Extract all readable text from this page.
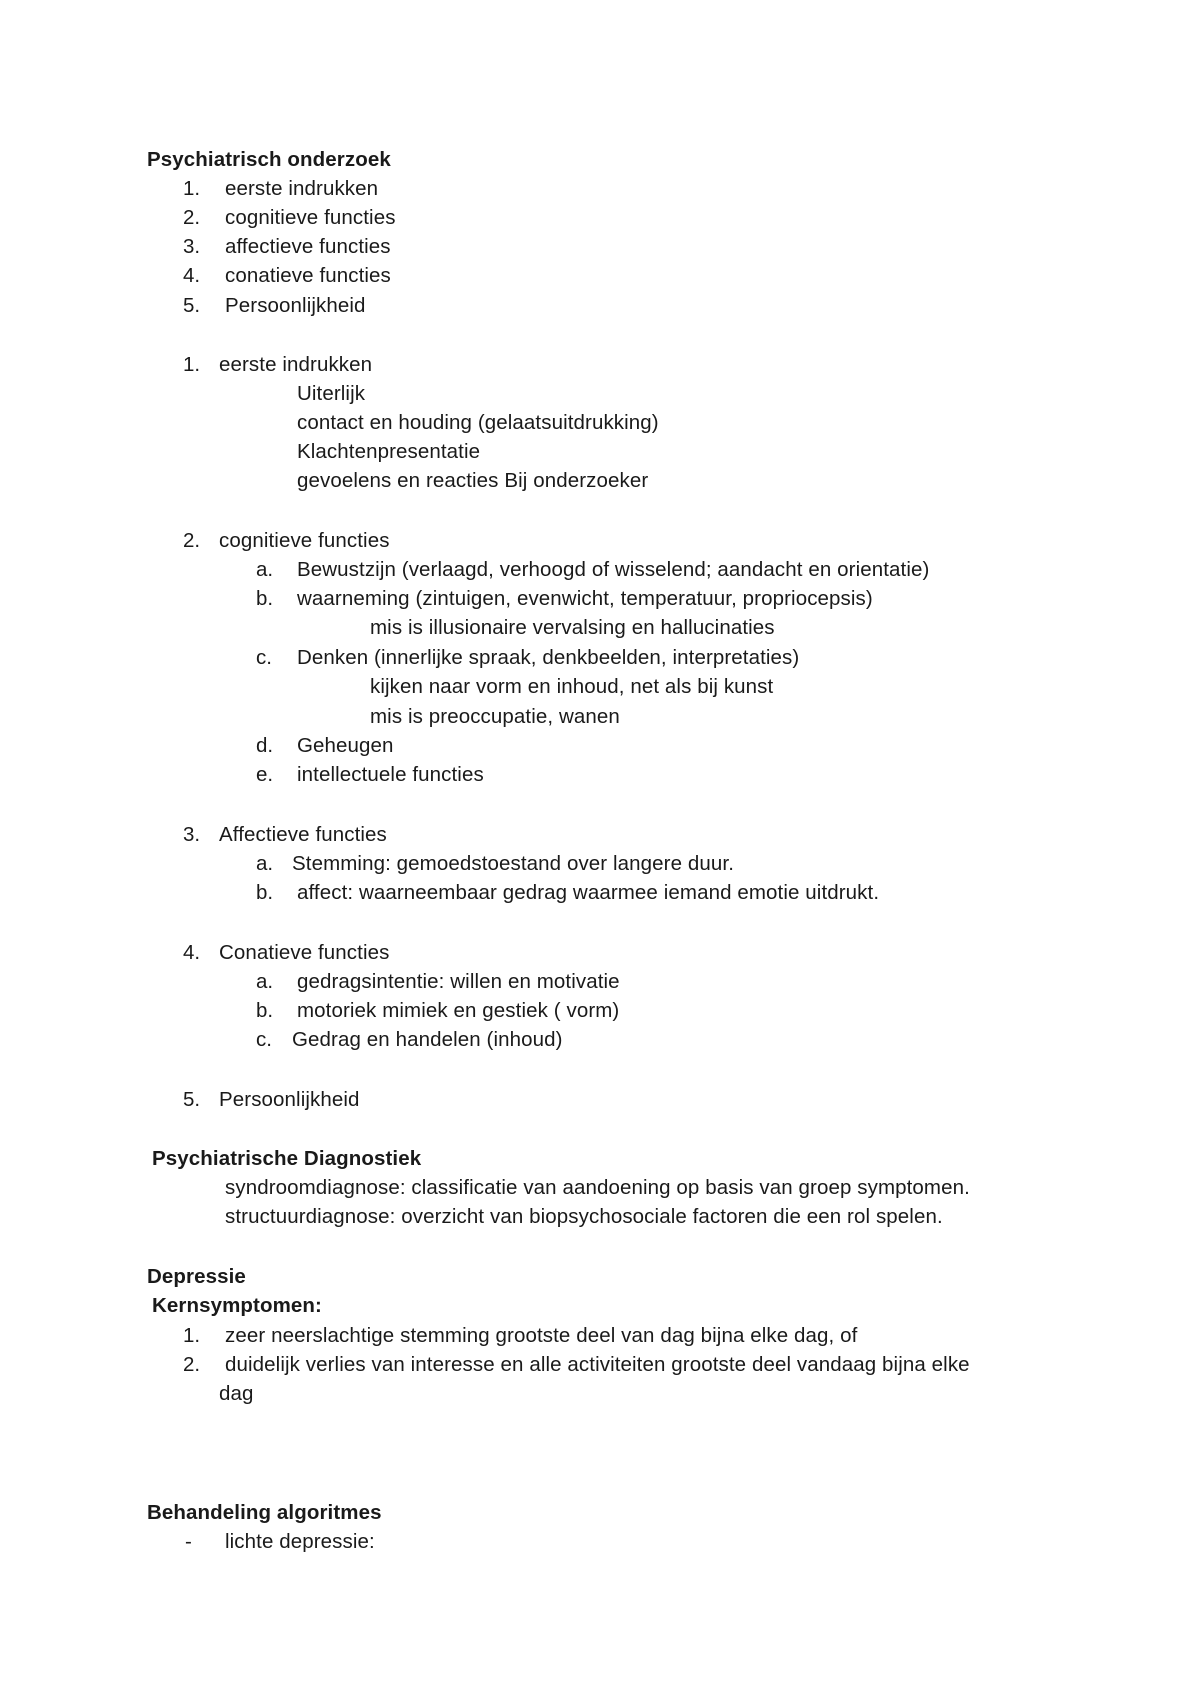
Psychiatrisch onderzoek
1. eerste indrukken
2. cognitieve functies
3. affectieve functies
4. conatieve functies
5. Persoonlijkheid
1. eerste indrukken
Uiterlijk
contact en houding (gelaatsuitdrukking)
Klachtenpresentatie
gevoelens en reacties Bij onderzoeker
2. cognitieve functies
a. Bewustzijn (verlaagd, verhoogd of wisselend; aandacht en orientatie)
b. waarneming (zintuigen, evenwicht, temperatuur, propriocepsis)
mis is illusionaire vervalsing en hallucinaties
c. Denken (innerlijke spraak, denkbeelden, interpretaties)
kijken naar vorm en inhoud, net als bij kunst
mis is preoccupatie, wanen
d. Geheugen
e. intellectuele functies
3. Affectieve functies
a. Stemming: gemoedstoestand over langere duur.
b. affect: waarneembaar gedrag waarmee iemand emotie uitdrukt.
4. Conatieve functies
a. gedragsintentie: willen en motivatie
b. motoriek mimiek en gestiek ( vorm)
c. Gedrag en handelen (inhoud)
5. Persoonlijkheid
Psychiatrische Diagnostiek
syndroomdiagnose: classificatie van aandoening op basis van groep symptomen.
structuurdiagnose: overzicht van biopsychosociale factoren die een rol spelen.
Depressie
Kernsymptomen:
1. zeer neerslachtige stemming grootste deel van dag bijna elke dag, of
2. duidelijk verlies van interesse en alle activiteiten grootste deel vandaag bijna elke
dag
Behandeling algoritmes
- lichte depressie:
